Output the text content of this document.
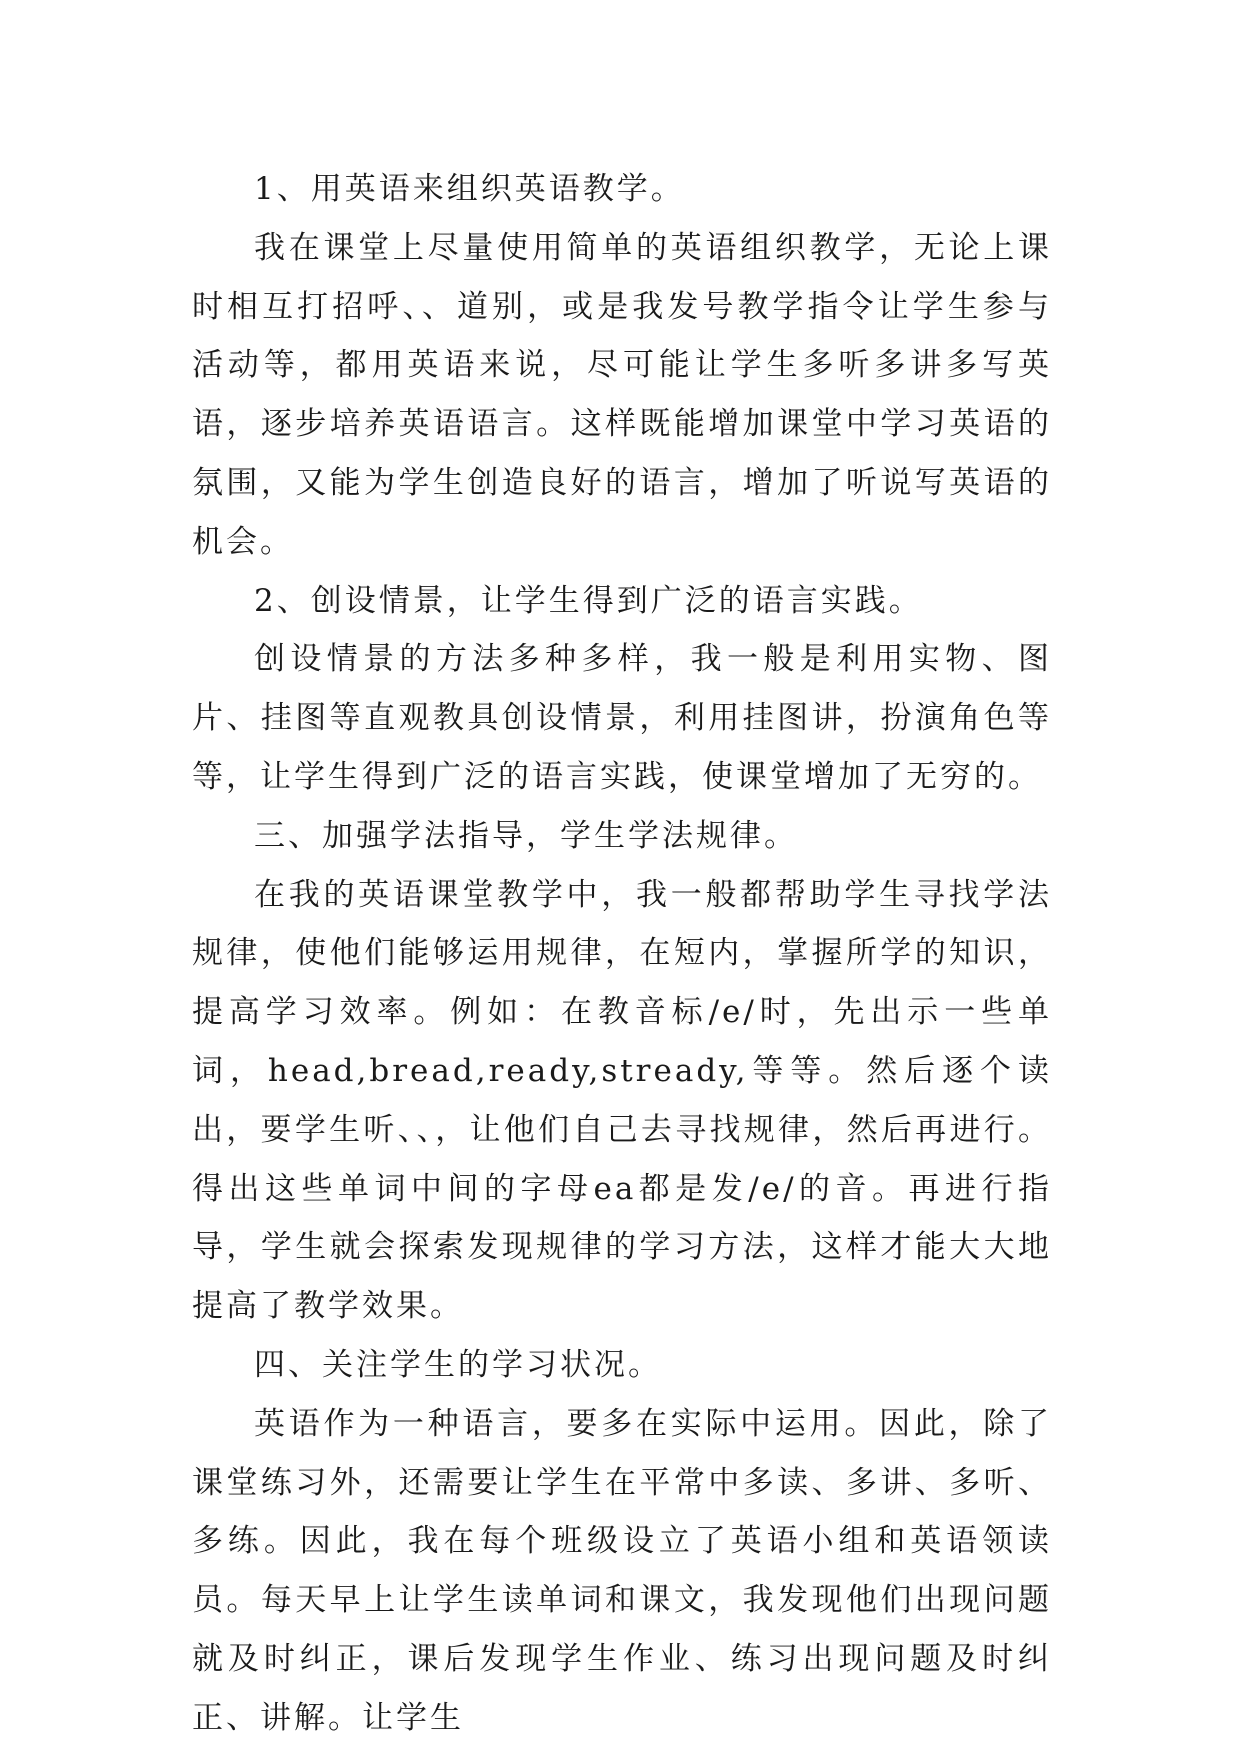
1、用英语来组织英语教学。

我在课堂上尽量使用简单的英语组织教学，无论上课时相互打招呼、、道别，或是我发号教学指令让学生参与活动等，都用英语来说，尽可能让学生多听多讲多写英语，逐步培养英语语言。这样既能增加课堂中学习英语的氛围，又能为学生创造良好的语言，增加了听说写英语的机会。

2、创设情景，让学生得到广泛的语言实践。

创设情景的方法多种多样，我一般是利用实物、图片、挂图等直观教具创设情景，利用挂图讲，扮演角色等等，让学生得到广泛的语言实践，使课堂增加了无穷的。

三、加强学法指导，学生学法规律。

在我的英语课堂教学中，我一般都帮助学生寻找学法规律，使他们能够运用规律，在短内，掌握所学的知识，提高学习效率。例如：在教音标/e/时，先出示一些单词，head,bread,ready,stready,等等。然后逐个读出，要学生听、、，让他们自己去寻找规律，然后再进行。得出这些单词中间的字母ea都是发/e/的音。再进行指导，学生就会探索发现规律的学习方法，这样才能大大地提高了教学效果。

四、关注学生的学习状况。

英语作为一种语言，要多在实际中运用。因此，除了课堂练习外，还需要让学生在平常中多读、多讲、多听、多练。因此，我在每个班级设立了英语小组和英语领读员。每天早上让学生读单词和课文，我发现他们出现问题就及时纠正，课后发现学生作业、练习出现问题及时纠正、讲解。让学生
